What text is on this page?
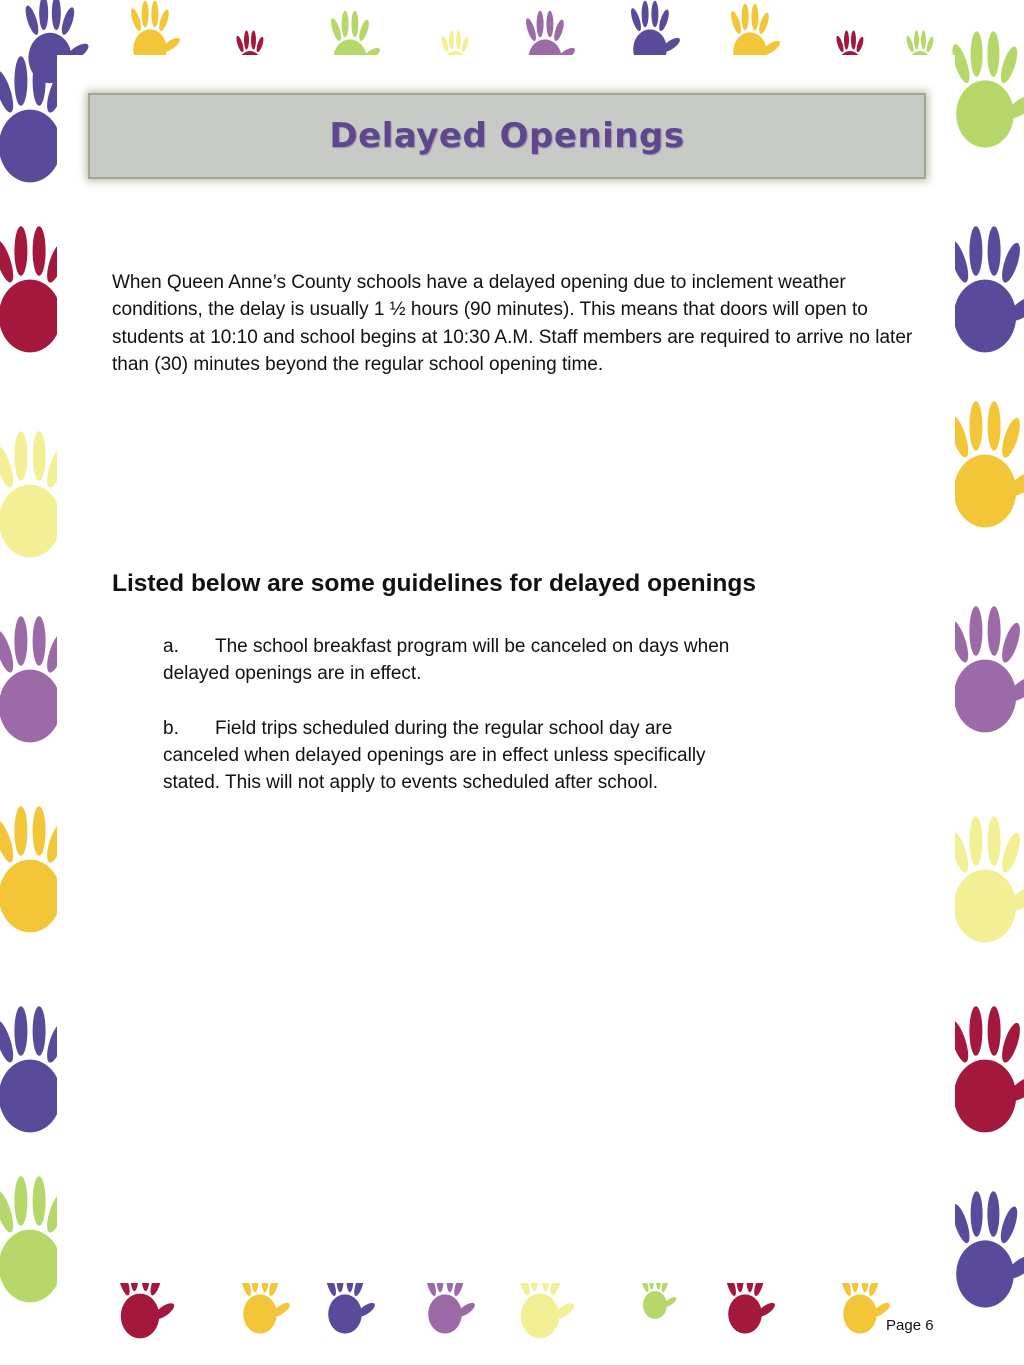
Delayed Openings

When Queen Anne’s County schools have a delayed opening due to inclement weather conditions, the delay is usually 1 ½ hours (90 minutes). This means that doors will open to students at 10:10 and school begins at 10:30 A.M. Staff members are required to arrive no later than (30) minutes beyond the regular school opening time.

Listed below are some guidelines for delayed openings
a. The school breakfast program will be canceled on days when delayed openings are in effect.
b. Field trips scheduled during the regular school day are canceled when delayed openings are in effect unless specifically stated. This will not apply to events scheduled after school.

Page 6
